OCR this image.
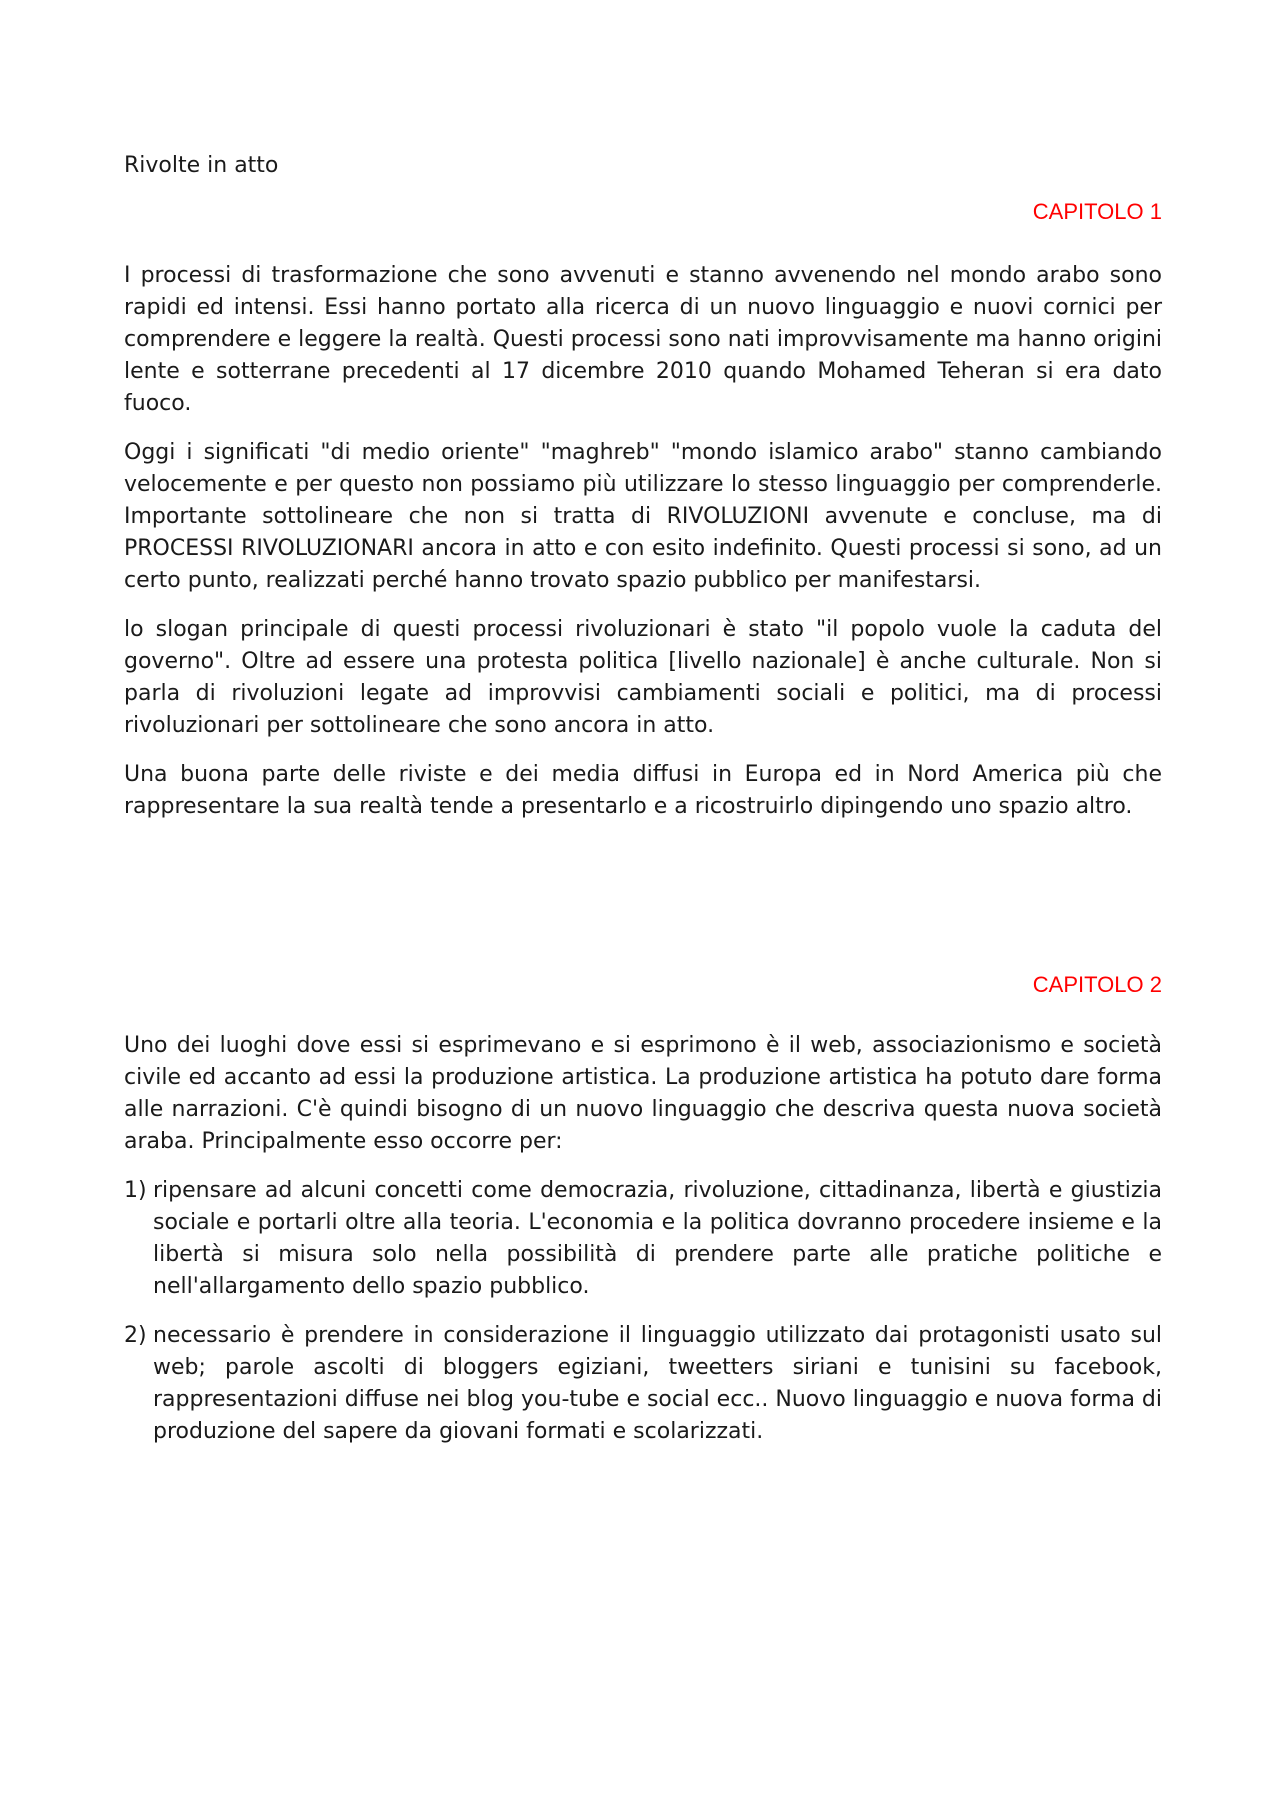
Rivolte in atto
CAPITOLO 1

I processi di trasformazione che sono avvenuti e stanno avvenendo nel mondo arabo sono rapidi ed intensi. Essi hanno portato alla ricerca di un nuovo linguaggio e nuovi cornici per comprendere e leggere la realtà. Questi processi sono nati improvvisamente ma hanno origini lente e sotterrane precedenti al 17 dicembre 2010 quando Mohamed Teheran si era dato fuoco.

Oggi i significati "di medio oriente" "maghreb" "mondo islamico arabo" stanno cambiando velocemente e per questo non possiamo più utilizzare lo stesso linguaggio per comprenderle. Importante sottolineare che non si tratta di RIVOLUZIONI avvenute e concluse, ma di PROCESSI RIVOLUZIONARI ancora in atto e con esito indefinito. Questi processi si sono, ad un certo punto, realizzati perché hanno trovato spazio pubblico per manifestarsi.

lo slogan principale di questi processi rivoluzionari è stato "il popolo vuole la caduta del governo". Oltre ad essere una protesta politica [livello nazionale] è anche culturale. Non si parla di rivoluzioni legate ad improvvisi cambiamenti sociali e politici, ma di processi rivoluzionari per sottolineare che sono ancora in atto.

Una buona parte delle riviste e dei media diffusi in Europa ed in Nord America più che rappresentare la sua realtà tende a presentarlo e a ricostruirlo dipingendo uno spazio altro.

CAPITOLO 2

Uno dei luoghi dove essi si esprimevano e si esprimono è il web, associazionismo e società civile ed accanto ad essi la produzione artistica. La produzione artistica ha potuto dare forma alle narrazioni. C'è quindi bisogno di un nuovo linguaggio che descriva questa nuova società araba. Principalmente esso occorre per:

1) ripensare ad alcuni concetti come democrazia, rivoluzione, cittadinanza, libertà e giustizia sociale e portarli oltre alla teoria. L'economia e la politica dovranno procedere insieme e la libertà si misura solo nella possibilità di prendere parte alle pratiche politiche e nell'allargamento dello spazio pubblico.
2) necessario è prendere in considerazione il linguaggio utilizzato dai protagonisti usato sul web; parole ascolti di bloggers egiziani, tweetters siriani e tunisini su facebook, rappresentazioni diffuse nei blog you-tube e social ecc.. Nuovo linguaggio e nuova forma di produzione del sapere da giovani formati e scolarizzati.
